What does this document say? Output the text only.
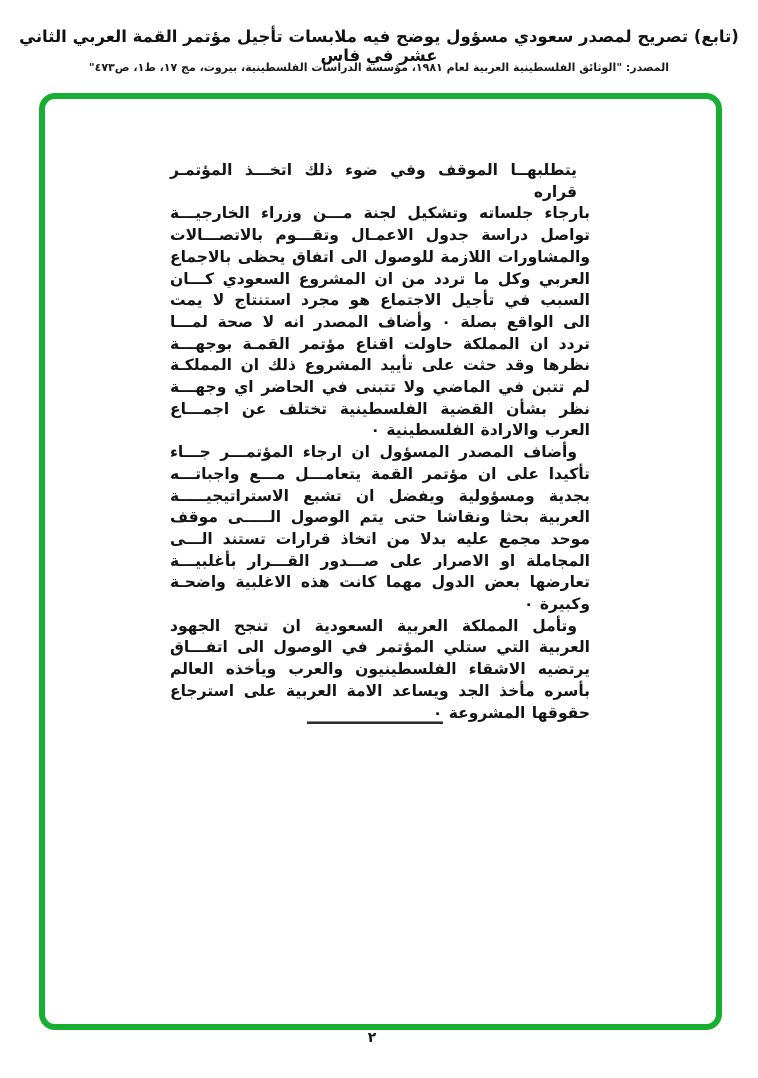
(تابع) تصريح لمصدر سعودي مسؤول يوضح فيه ملابسات تأجيل مؤتمر القمة العربي الثاني عشر في فاس
المصدر: "الوثائق الفلسطينية العربية لعام ١٩٨١، مؤسسة الدراسات الفلسطينية، بيروت، مج ١٧، ط١، ص٤٧٣"
يتطلبهــا الموقف وفي ضوء ذلك اتخـــذ المؤتمـر قراره
بارجاء جلساته وتشكيل لجنة مـــن وزراء الخارجيـــة
تواصل دراسة جدول الاعمـال وتقـــوم بالاتصـــالات
والمشاورات اللازمة للوصول الى اتفاق يحظى بالاجماع
العربي وكل ما تردد من ان المشروع السعودي كـــان
السبب في تأجيل الاجتماع هو مجرد استنتاج لا يمت
الى الواقع بصلة ٠ وأضاف المصدر انه لا صحة لمـــا
تردد ان المملكة حاولت اقناع مؤتمر القمـة بوجهـــة
نظرها وقد حثت على تأييد المشروع ذلك ان المملكـة
لم تتبن في الماضي ولا تتبنى في الحاضر اي وجهـــة
نظر بشأن القضية الفلسطينية تختلف عن اجمـــاع
العرب والارادة الفلسطينية ٠
وأضاف المصدر المسؤول ان ارجاء المؤتمـــر جـــاء
تأكيدا على ان مؤتمر القمة يتعامـــل مـــع واجباتـــه
بجدية ومسؤولية ويفضل ان تشبع الاستراتيجيـــــة
العربية بحثا ونقاشا حتى يتم الوصول الـــــى موقف
موحد مجمع عليه بدلا من اتخاذ قرارات تستند الـــى
المجاملة او الاصرار على صـــدور القـــرار بأغلبيـــة
تعارضها بعض الدول مهما كانت هذه الاغلبية واضحـة
وكبيرة ٠
وتأمل المملكة العربية السعودية ان تنجح الجهود
العربية التي ستلي المؤتمر في الوصول الى اتفـــاق
يرتضيه الاشقاء الفلسطينيون والعرب ويأخذه العالم
بأسره مأخذ الجد ويساعد الامة العربية على استرجاع
حقوقها المشروعة ٠
٢
